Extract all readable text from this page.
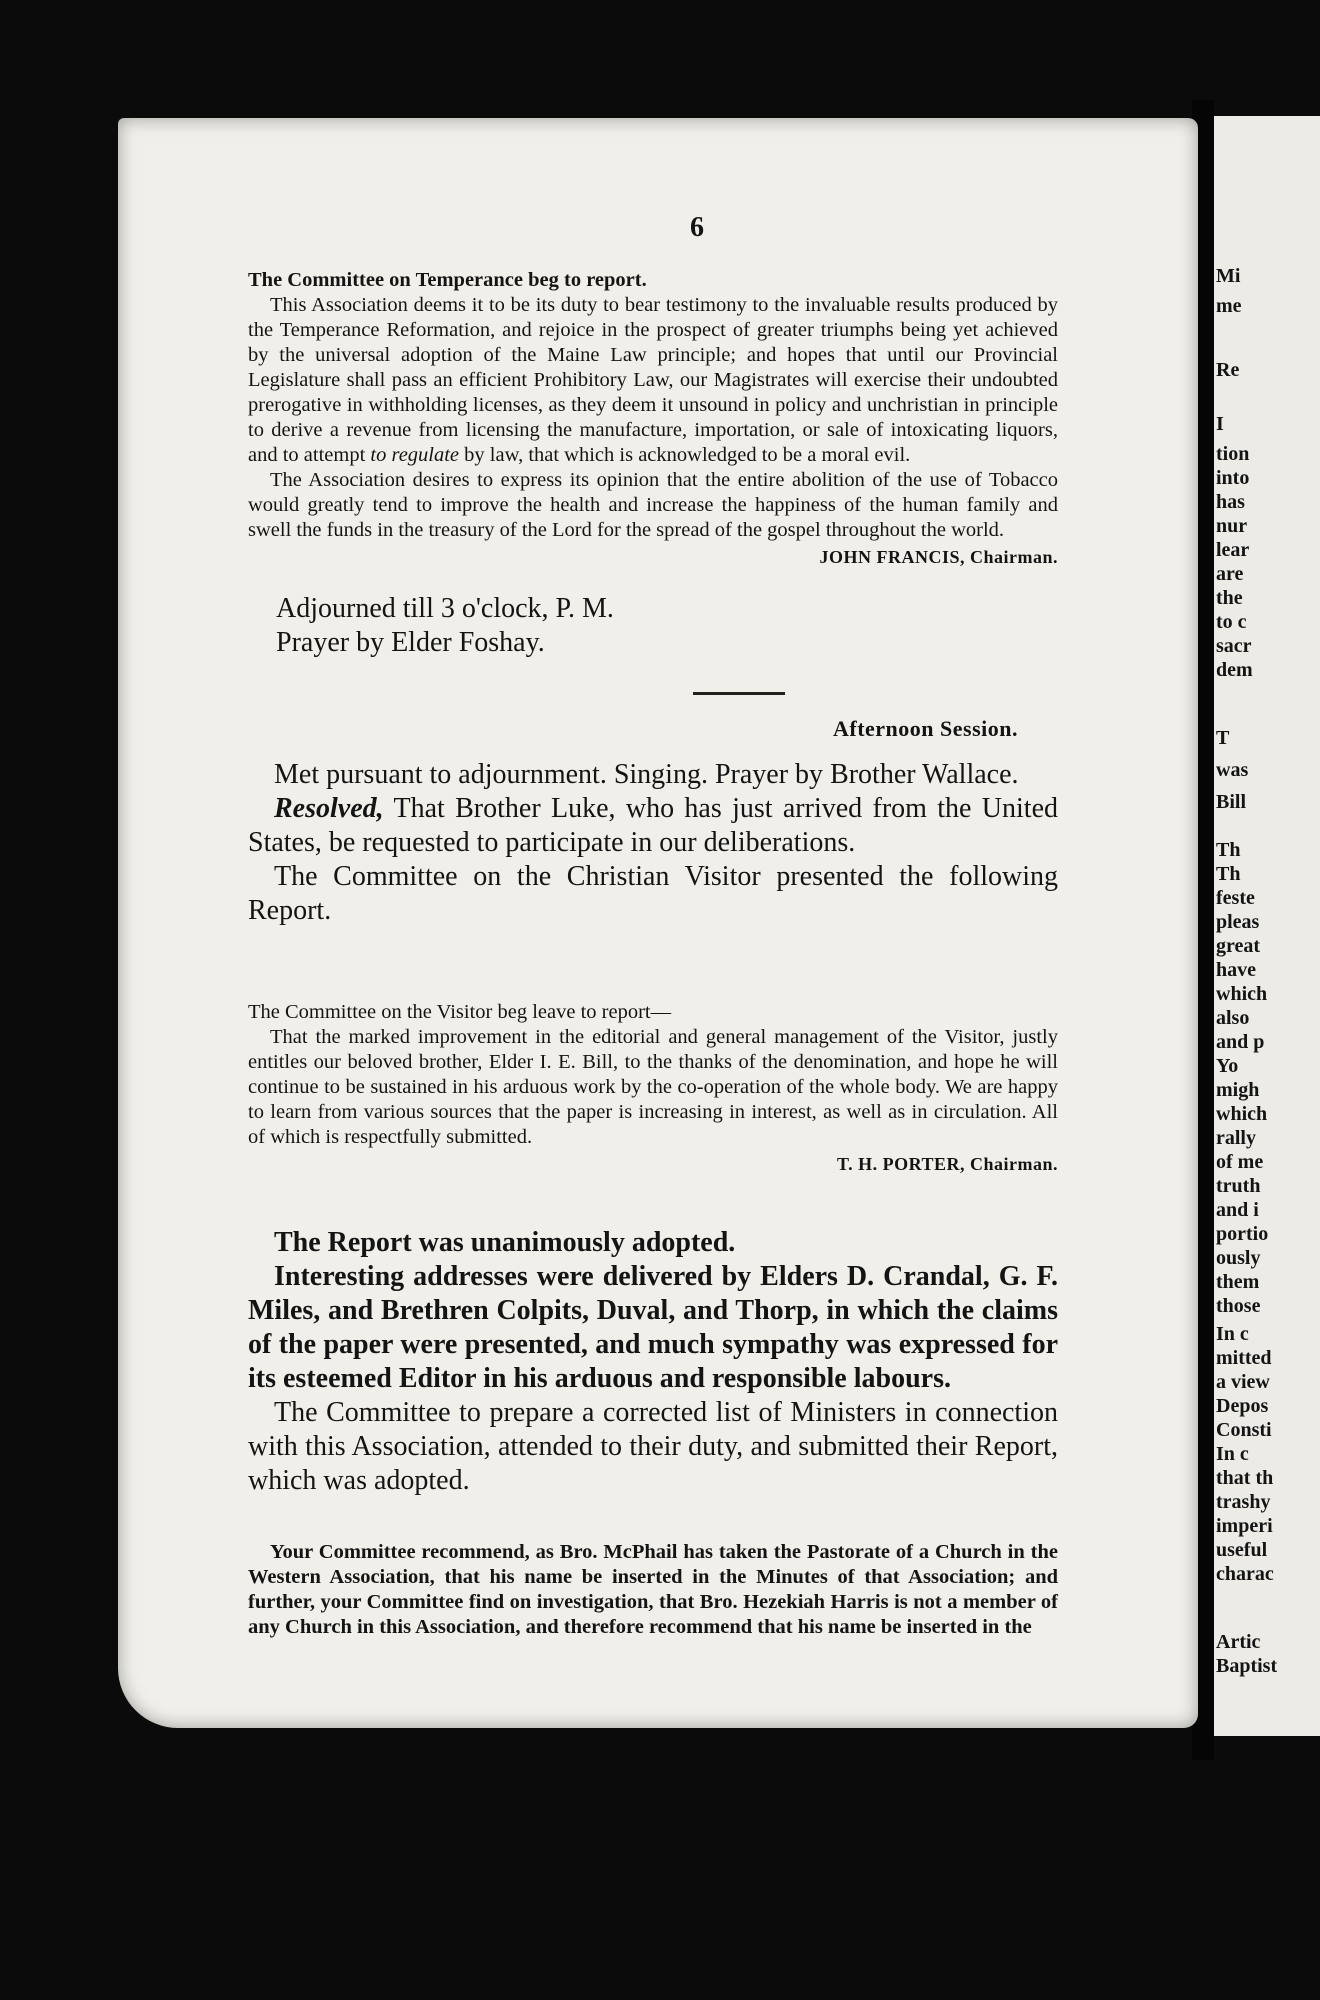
Mi
me
Re
I
tion
into
has
nur
lear
are
the
to c
sacr
dem
T
was
Bill
Th
Th
feste
pleas
great
have
which
also
and p
Yo
migh
which
rally
of me
truth
and i
portio
ously
them
those
In c
mitted
a view
Depos
Consti
In c
that th
trashy
imperi
useful
charac
Artic
Baptist
6

The Committee on Temperance beg to report.

This Association deems it to be its duty to bear testimony to the invaluable results produced by the Temperance Reformation, and rejoice in the prospect of greater triumphs being yet achieved by the universal adoption of the Maine Law principle; and hopes that until our Provincial Legislature shall pass an efficient Prohibitory Law, our Magistrates will exercise their undoubted prerogative in withholding licenses, as they deem it unsound in policy and unchristian in principle to derive a revenue from licensing the manufacture, importation, or sale of intoxicating liquors, and to attempt to regulate by law, that which is acknowledged to be a moral evil.

The Association desires to express its opinion that the entire abolition of the use of Tobacco would greatly tend to improve the health and increase the happiness of the human family and swell the funds in the treasury of the Lord for the spread of the gospel throughout the world.

JOHN FRANCIS, Chairman.

Adjourned till 3 o'clock, P. M.

Prayer by Elder Foshay.

Afternoon Session.

Met pursuant to adjournment. Singing. Prayer by Brother Wallace.

Resolved, That Brother Luke, who has just arrived from the United States, be requested to participate in our deliberations.

The Committee on the Christian Visitor presented the following Report.

The Committee on the Visitor beg leave to report—

That the marked improvement in the editorial and general management of the Visitor, justly entitles our beloved brother, Elder I. E. Bill, to the thanks of the denomination, and hope he will continue to be sustained in his arduous work by the co-operation of the whole body. We are happy to learn from various sources that the paper is increasing in interest, as well as in circulation. All of which is respectfully submitted.

T. H. PORTER, Chairman.

The Report was unanimously adopted.

Interesting addresses were delivered by Elders D. Crandal, G. F. Miles, and Brethren Colpits, Duval, and Thorp, in which the claims of the paper were presented, and much sympathy was expressed for its esteemed Editor in his arduous and responsible labours.

The Committee to prepare a corrected list of Ministers in connection with this Association, attended to their duty, and submitted their Report, which was adopted.

Your Committee recommend, as Bro. McPhail has taken the Pastorate of a Church in the Western Association, that his name be inserted in the Minutes of that Association; and further, your Committee find on investigation, that Bro. Hezekiah Harris is not a member of any Church in this Association, and therefore recommend that his name be inserted in the
